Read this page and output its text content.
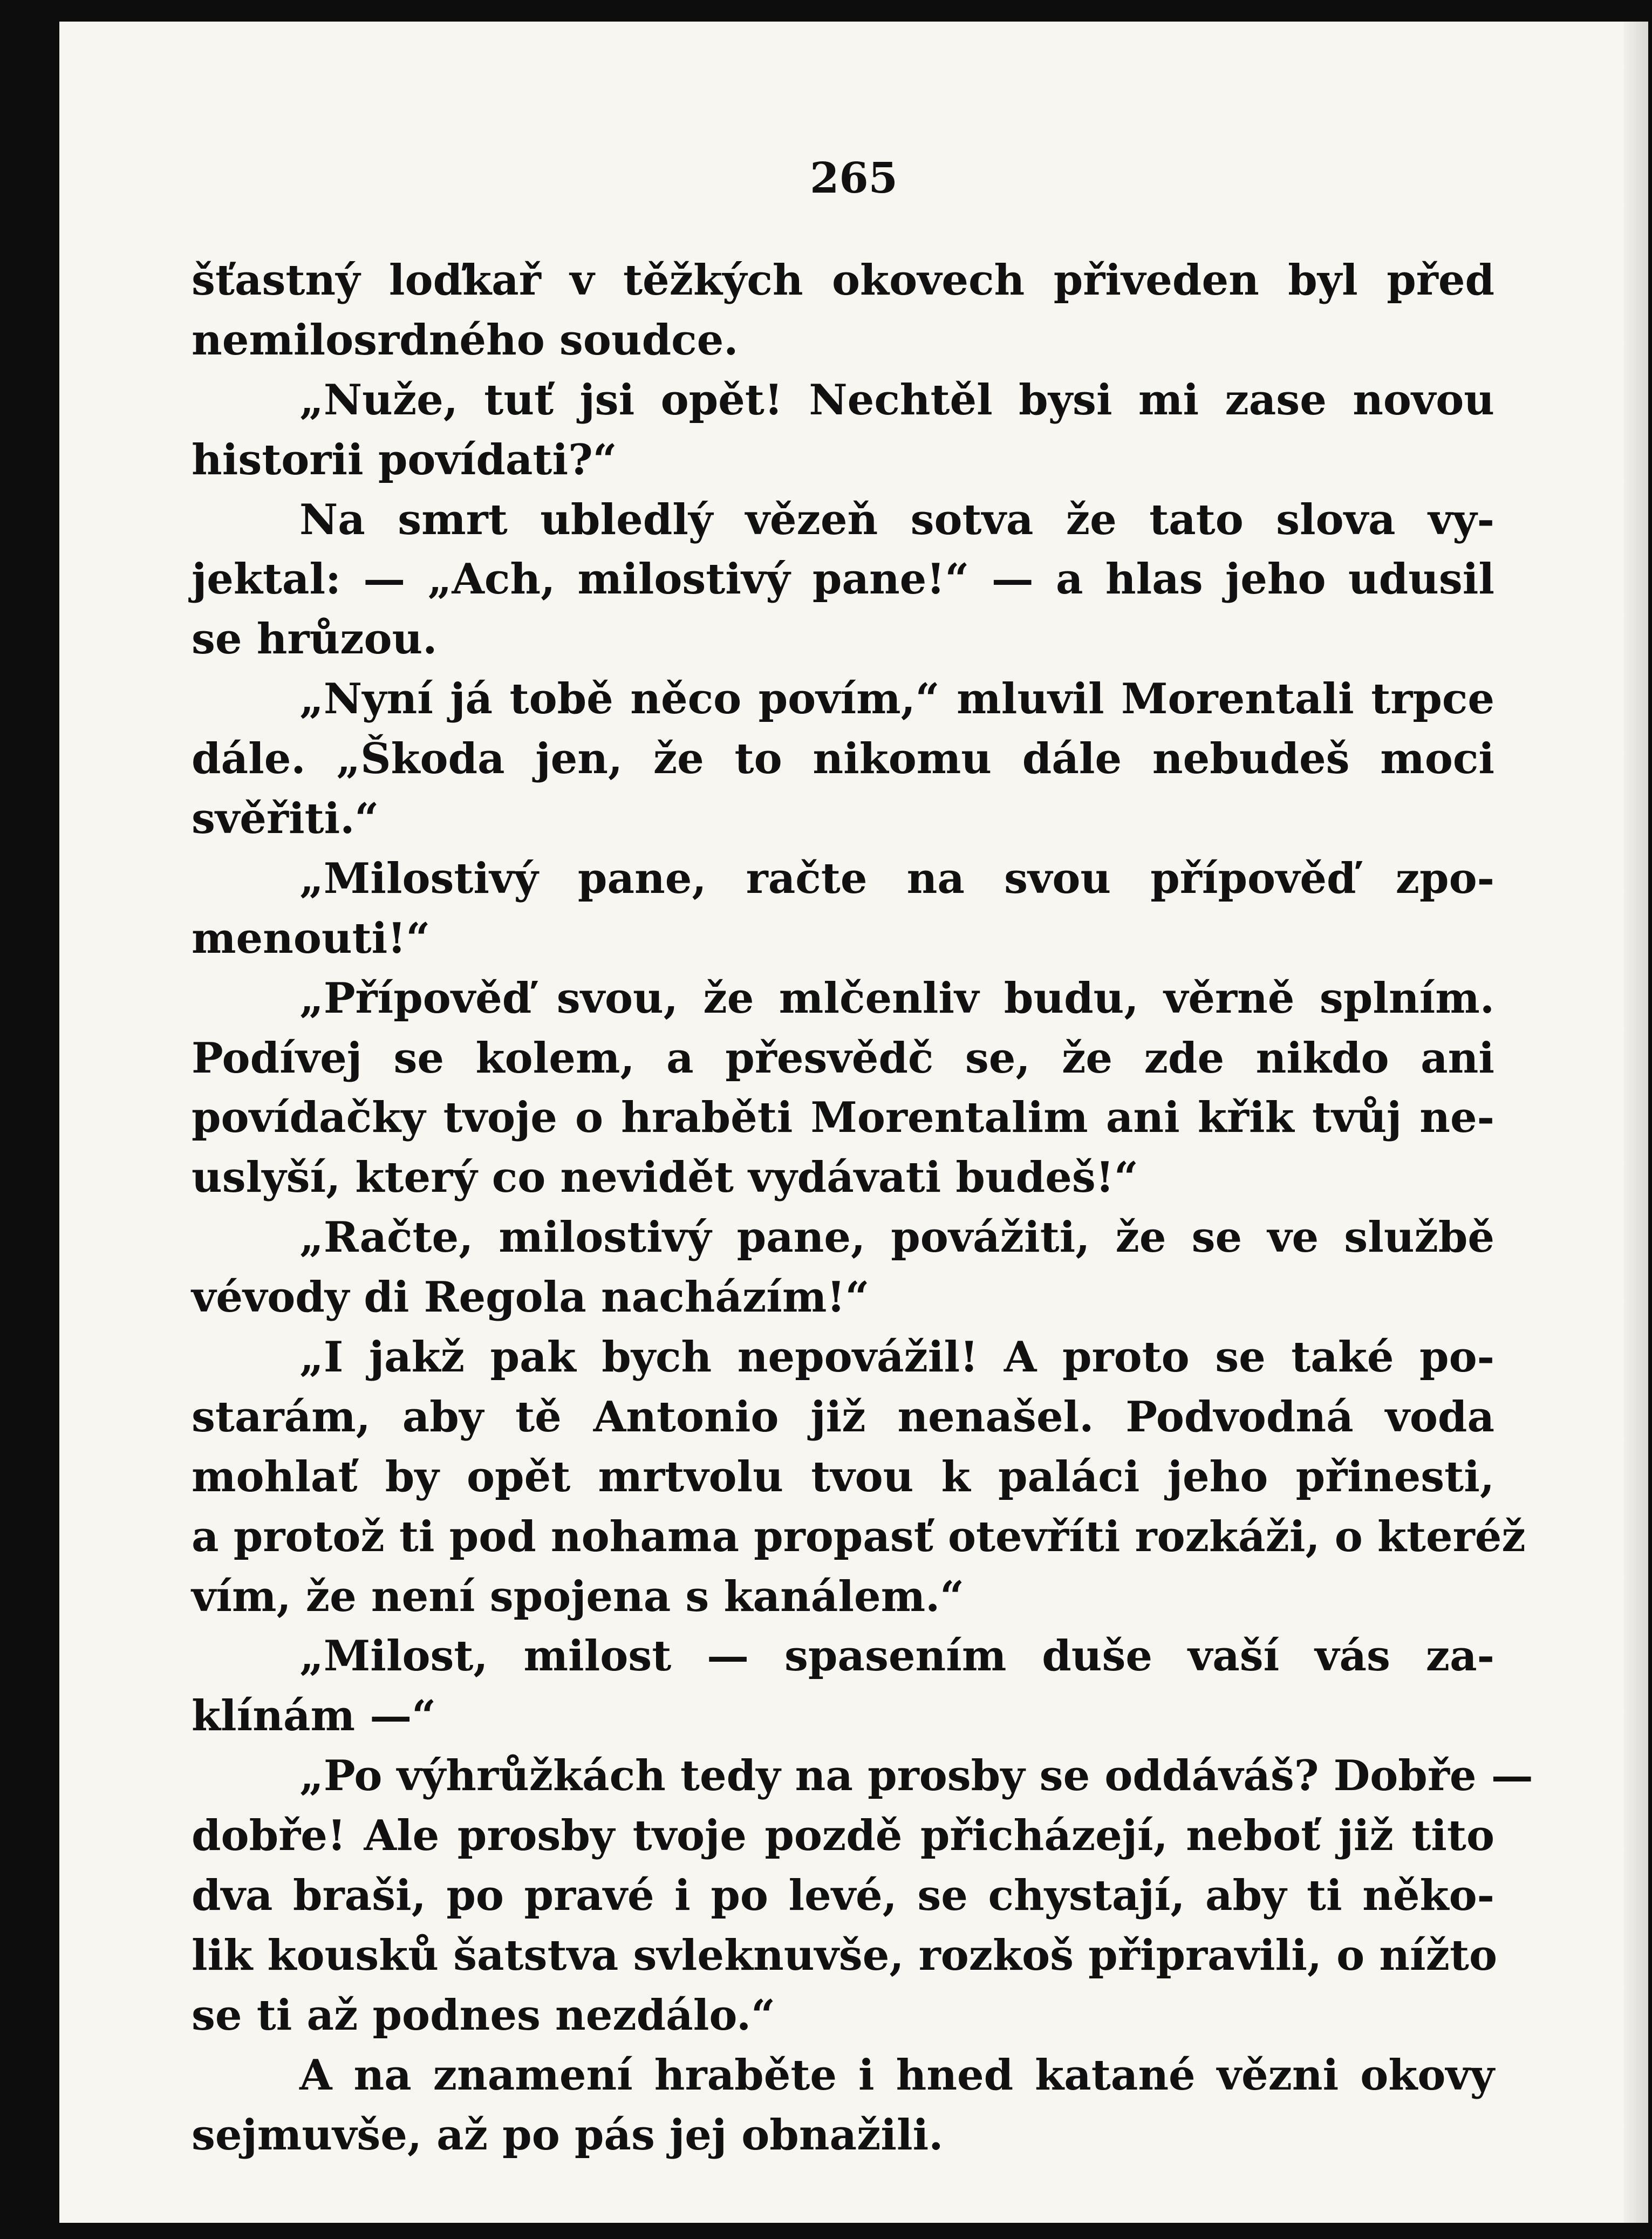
265
šťastný loďkař v těžkých okovech přiveden byl před
nemilosrdného soudce.
„Nuže, tuť jsi opět! Nechtěl bysi mi zase novou
historii povídati?“
Na smrt ubledlý vězeň sotva že tato slova vy-
jektal: — „Ach, milostivý pane!“ — a hlas jeho udusil
se hrůzou.
„Nyní já tobě něco povím,“ mluvil Morentali trpce
dále. „Škoda jen, že to nikomu dále nebudeš moci
svěřiti.“
„Milostivý pane, račte na svou přípověď zpo-
menouti!“
„Přípověď svou, že mlčenliv budu, věrně splním.
Podívej se kolem, a přesvědč se, že zde nikdo ani
povídačky tvoje o hraběti Morentalim ani křik tvůj ne-
uslyší, který co nevidět vydávati budeš!“
„Račte, milostivý pane, povážiti, že se ve službě
vévody di Regola nacházím!“
„I jakž pak bych nepovážil! A proto se také po-
starám, aby tě Antonio již nenašel. Podvodná voda
mohlať by opět mrtvolu tvou k paláci jeho přinesti,
a protož ti pod nohama propasť otevříti rozkáži, o kteréž
vím, že není spojena s kanálem.“
„Milost, milost — spasením duše vaší vás za-
klínám —“
„Po výhrůžkách tedy na prosby se oddáváš? Dobře —
dobře! Ale prosby tvoje pozdě přicházejí, neboť již tito
dva braši, po pravé i po levé, se chystají, aby ti něko-
lik kousků šatstva svleknuvše, rozkoš připravili, o nížto
se ti až podnes nezdálo.“
A na znamení hraběte i hned katané vězni okovy
sejmuvše, až po pás jej obnažili.
